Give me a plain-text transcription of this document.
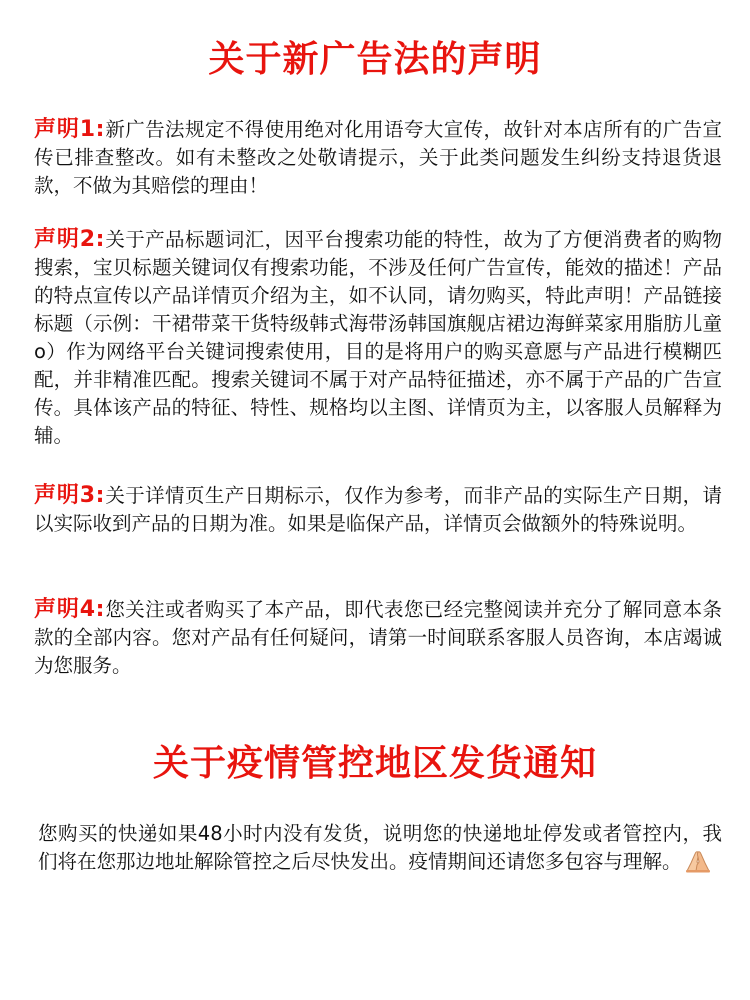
关于新广告法的声明

声明1:新广告法规定不得使用绝对化用语夸大宣传，故针对本店所有的广告宣传已排查整改。如有未整改之处敬请提示，关于此类问题发生纠纷支持退货退款，不做为其赔偿的理由！

声明2:关于产品标题词汇，因平台搜索功能的特性，故为了方便消费者的购物搜索，宝贝标题关键词仅有搜索功能，不涉及任何广告宣传，能效的描述！产品的特点宣传以产品详情页介绍为主，如不认同，请勿购买，特此声明！产品链接标题（示例：干裙带菜干货特级韩式海带汤韩国旗舰店裙边海鲜菜家用脂肪儿童o）作为网络平台关键词搜索使用，目的是将用户的购买意愿与产品进行模糊匹配，并非精准匹配。搜索关键词不属于对产品特征描述，亦不属于产品的广告宣传。具体该产品的特征、特性、规格均以主图、详情页为主，以客服人员解释为辅。

声明3:关于详情页生产日期标示，仅作为参考，而非产品的实际生产日期，请以实际收到产品的日期为准。如果是临保产品，详情页会做额外的特殊说明。

声明4:您关注或者购买了本产品，即代表您已经完整阅读并充分了解同意本条款的全部内容。您对产品有任何疑问，请第一时间联系客服人员咨询，本店竭诚为您服务。

关于疫情管控地区发货通知

您购买的快递如果48小时内没有发货，说明您的快递地址停发或者管控内，我们将在您那边地址解除管控之后尽快发出。疫情期间还请您多包容与理解。
